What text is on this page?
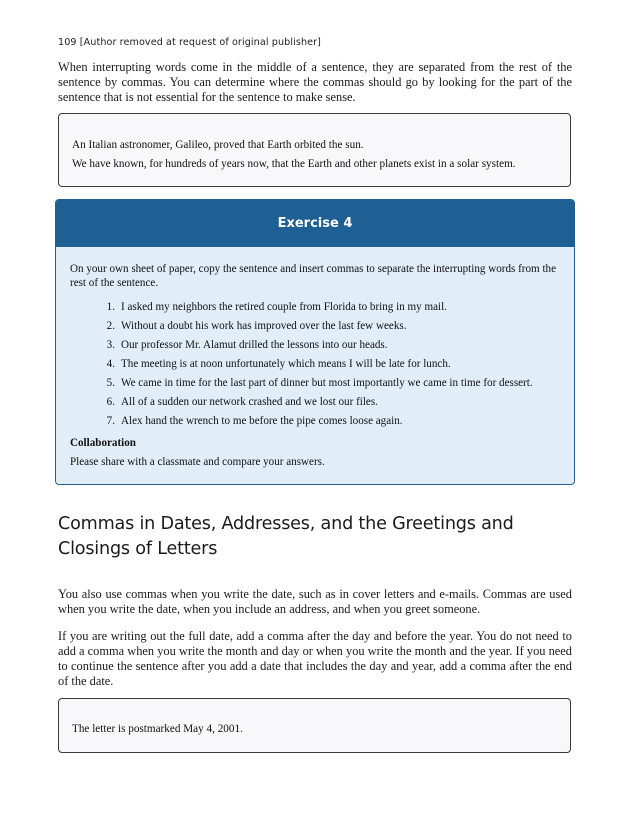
109 [Author removed at request of original publisher]

When interrupting words come in the middle of a sentence, they are separated from the rest of the sentence by commas. You can determine where the commas should go by looking for the part of the sentence that is not essential for the sentence to make sense.

An Italian astronomer, Galileo, proved that Earth orbited the sun.

We have known, for hundreds of years now, that the Earth and other planets exist in a solar system.

Exercise 4

On your own sheet of paper, copy the sentence and insert commas to separate the interrupting words from the rest of the sentence.

1. I asked my neighbors the retired couple from Florida to bring in my mail.
2. Without a doubt his work has improved over the last few weeks.
3. Our professor Mr. Alamut drilled the lessons into our heads.
4. The meeting is at noon unfortunately which means I will be late for lunch.
5. We came in time for the last part of dinner but most importantly we came in time for dessert.
6. All of a sudden our network crashed and we lost our files.
7. Alex hand the wrench to me before the pipe comes loose again.

Collaboration

Please share with a classmate and compare your answers.

Commas in Dates, Addresses, and the Greetings and Closings of Letters

You also use commas when you write the date, such as in cover letters and e-mails. Commas are used when you write the date, when you include an address, and when you greet someone.

If you are writing out the full date, add a comma after the day and before the year. You do not need to add a comma when you write the month and day or when you write the month and the year. If you need to continue the sentence after you add a date that includes the day and year, add a comma after the end of the date.

The letter is postmarked May 4, 2001.
